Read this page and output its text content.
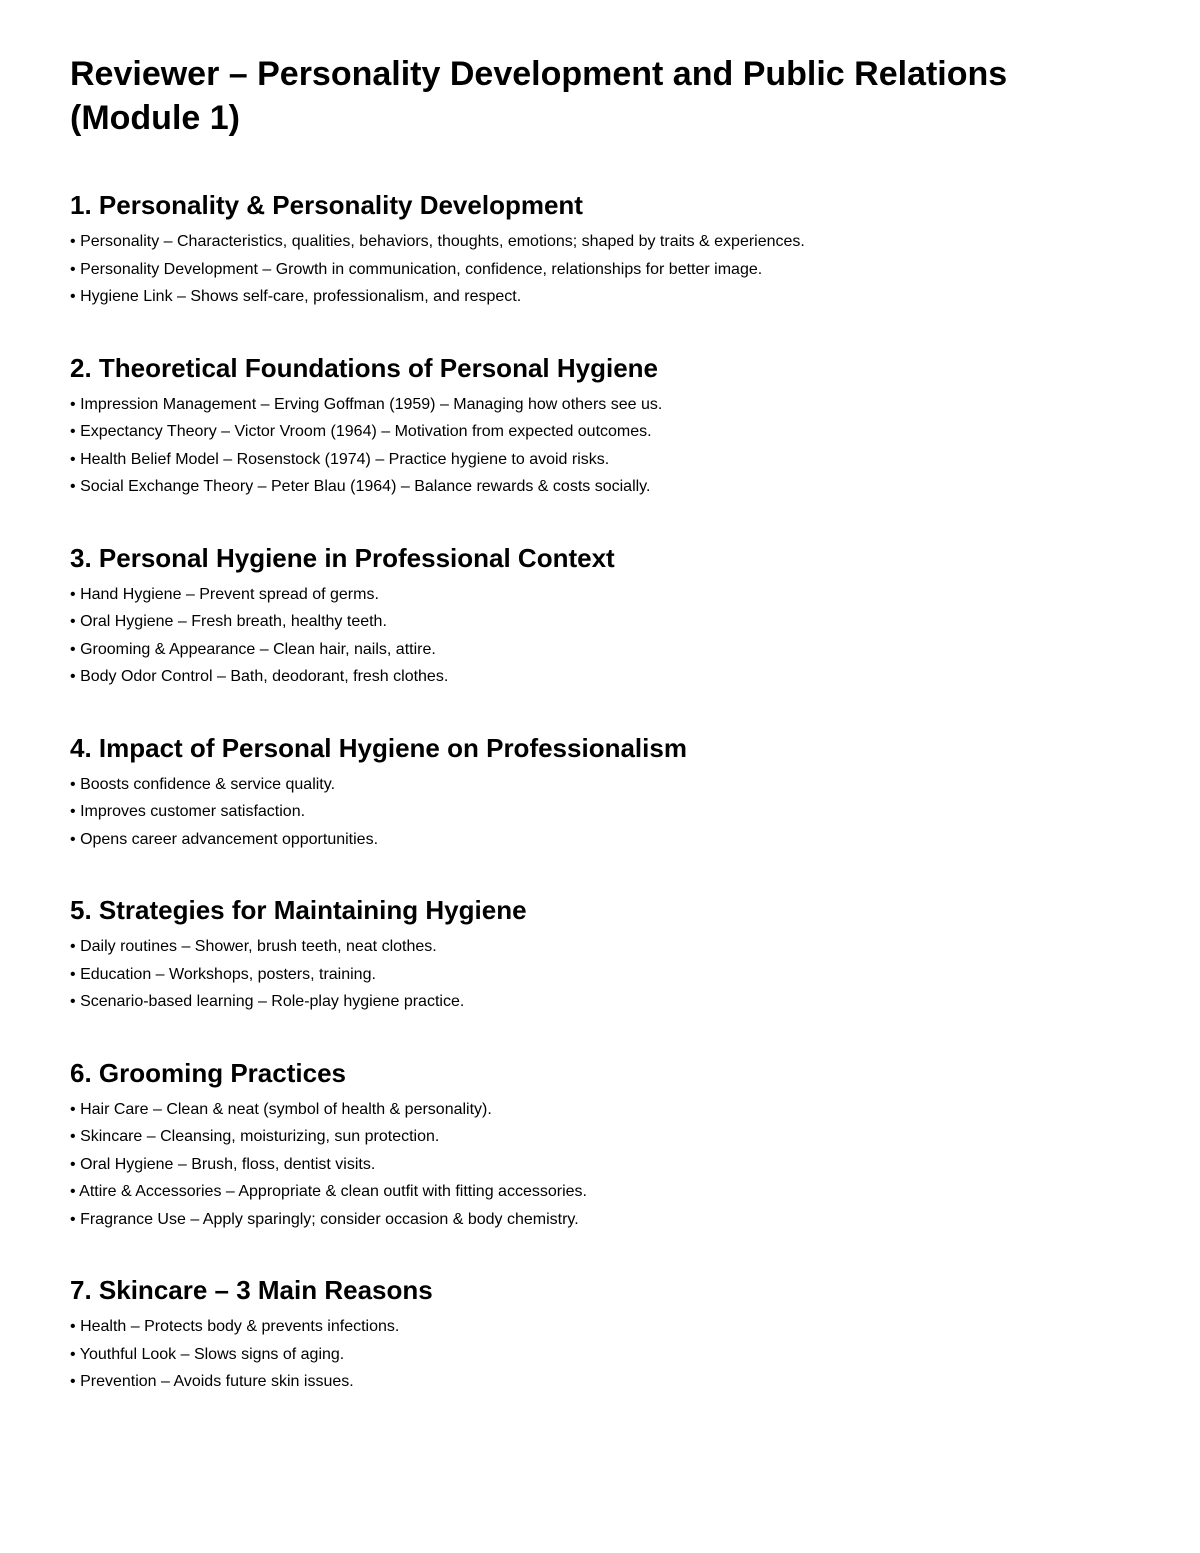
Reviewer – Personality Development and Public Relations (Module 1)
1. Personality & Personality Development
• Personality – Characteristics, qualities, behaviors, thoughts, emotions; shaped by traits & experiences.
• Personality Development – Growth in communication, confidence, relationships for better image.
• Hygiene Link – Shows self-care, professionalism, and respect.
2. Theoretical Foundations of Personal Hygiene
• Impression Management – Erving Goffman (1959) – Managing how others see us.
• Expectancy Theory – Victor Vroom (1964) – Motivation from expected outcomes.
• Health Belief Model – Rosenstock (1974) – Practice hygiene to avoid risks.
• Social Exchange Theory – Peter Blau (1964) – Balance rewards & costs socially.
3. Personal Hygiene in Professional Context
• Hand Hygiene – Prevent spread of germs.
• Oral Hygiene – Fresh breath, healthy teeth.
• Grooming & Appearance – Clean hair, nails, attire.
• Body Odor Control – Bath, deodorant, fresh clothes.
4. Impact of Personal Hygiene on Professionalism
• Boosts confidence & service quality.
• Improves customer satisfaction.
• Opens career advancement opportunities.
5. Strategies for Maintaining Hygiene
• Daily routines – Shower, brush teeth, neat clothes.
• Education – Workshops, posters, training.
• Scenario-based learning – Role-play hygiene practice.
6. Grooming Practices
• Hair Care – Clean & neat (symbol of health & personality).
• Skincare – Cleansing, moisturizing, sun protection.
• Oral Hygiene – Brush, floss, dentist visits.
• Attire & Accessories – Appropriate & clean outfit with fitting accessories.
• Fragrance Use – Apply sparingly; consider occasion & body chemistry.
7. Skincare – 3 Main Reasons
• Health – Protects body & prevents infections.
• Youthful Look – Slows signs of aging.
• Prevention – Avoids future skin issues.
